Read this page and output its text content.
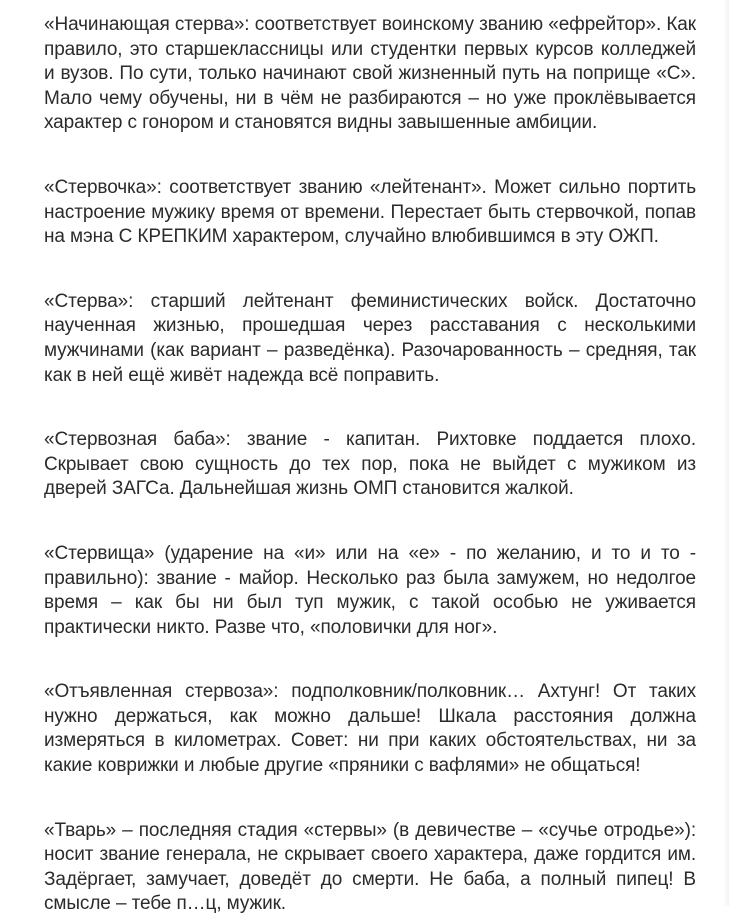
«Начинающая стерва»: соответствует воинскому званию «ефрейтор». Как правило, это старшеклассницы или студентки первых курсов колледжей и вузов. По сути, только начинают свой жизненный путь на поприще «С». Мало чему обучены, ни в чём не разбираются – но уже проклёвывается характер с гонором и становятся видны завышенные амбиции.

«Стервочка»: соответствует званию «лейтенант». Может сильно портить настроение мужику время от времени. Перестает быть стервочкой, попав на мэна С КРЕПКИМ характером, случайно влюбившимся в эту ОЖП.

«Стерва»: старший лейтенант феминистических войск. Достаточно наученная жизнью, прошедшая через расставания с несколькими мужчинами (как вариант – разведёнка). Разочарованность – средняя, так как в ней ещё живёт надежда всё поправить.

«Стервозная баба»: звание - капитан. Рихтовке поддается плохо. Скрывает свою сущность до тех пор, пока не выйдет с мужиком из дверей ЗАГСа. Дальнейшая жизнь ОМП становится жалкой.

«Стервища» (ударение на «и» или на «е» - по желанию, и то и то - правильно): звание - майор. Несколько раз была замужем, но недолгое время – как бы ни был туп мужик, с такой особью не уживается практически никто. Разве что, «половички для ног».

«Отъявленная стервоза»: подполковник/полковник… Ахтунг! От таких нужно держаться, как можно дальше! Шкала расстояния должна измеряться в километрах. Совет: ни при каких обстоятельствах, ни за какие коврижки и любые другие «пряники с вафлями» не общаться!

«Тварь» – последняя стадия «стервы» (в девичестве – «сучье отродье»): носит звание генерала, не скрывает своего характера, даже гордится им. Задёргает, замучает, доведёт до смерти. Не баба, а полный пипец! В смысле – тебе п…ц, мужик.
